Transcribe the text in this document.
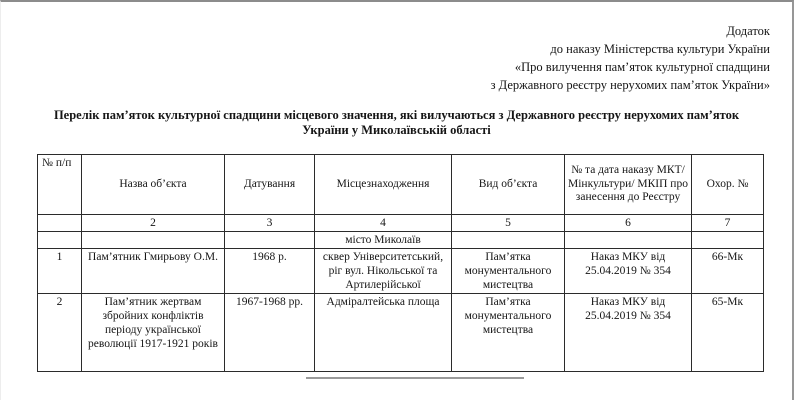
Додаток
до наказу Міністерства культури України
«Про вилучення пам’яток культурної спадщини
з Державного реєстру нерухомих пам’яток України»
Перелік пам’яток культурної спадщини місцевого значення, які вилучаються з Державного реєстру нерухомих пам’яток України у Миколаївській області
№ п/п	Назва об’єкта	Датування	Місцезнаходження	Вид об’єкта	№ та дата наказу МКТ/Мінкультури/ МКІП про занесення до Реєстру	Охор. №
	2	3	4	5	6	7
			місто Миколаїв			
1	Пам’ятник Гмирьову О.М.	1968 р.	сквер Університетський, ріг вул. Нікольської та Артилерійської	Пам’ятка монументального мистецтва	Наказ МКУ від 25.04.2019 № 354	66-Мк
2	Пам’ятник жертвам збройних конфліктів періоду української революції 1917-1921 років	1967-1968 рр.	Адміралтейська площа	Пам’ятка монументального мистецтва	Наказ МКУ від 25.04.2019 № 354	65-Мк
